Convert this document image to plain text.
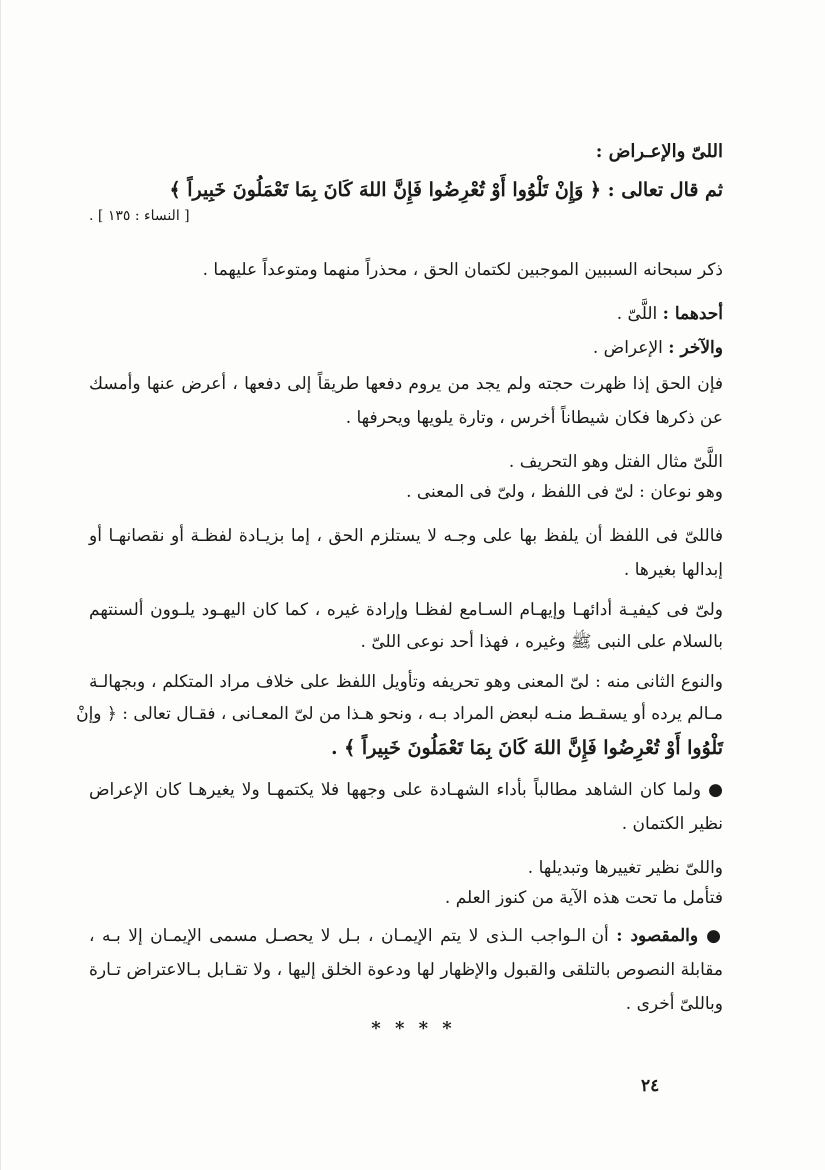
اللىّ والإعـراض :
ثم قال تعالى : ﴿ وَإِنْ تَلْوُوا أَوْ تُعْرِضُوا فَإِنَّ اللهَ كَانَ بِمَا تَعْمَلُونَ خَبِيراً ﴾
[ النساء : ١٣٥ ] .
ذكر سبحانه السببين الموجبين لكتمان الحق ، محذراً منهما ومتوعداً عليهما .
أحدهما : اللَّىّ .
والآخر : الإعراض .
فإن الحق إذا ظهرت حجته ولم يجد من يروم دفعها طريقاً إلى دفعها ، أعرض عنها وأمسك
عن ذكرها فكان شيطاناً أخرس ، وتارة يلويها ويحرفها .
اللَّىّ مثال الفتل وهو التحريف .
وهو نوعان : لىّ فى اللفظ ، ولىّ فى المعنى .
فاللىّ فى اللفظ أن يلفظ بها على وجـه لا يستلزم الحق ، إما بزيـادة لفظـة أو نقصانهـا أو
إبدالها بغيرها .
ولىّ فى كيفيـة أدائهـا وإيهـام السـامع لفظـا وإرادة غيره ، كما كان اليهـود يلـوون ألسنتهم
بالسلام على النبى ﷺ وغيره ، فهذا أحد نوعى اللىّ .
والنوع الثانى منه : لىّ المعنى وهو تحريفه وتأويل اللفظ على خلاف مراد المتكلم ، وبجهالـة
مـالم يرده أو يسقـط منـه لبعض المراد بـه ، ونحو هـذا من لىّ المعـانى ، فقـال تعالى : ﴿ وإنْ
تَلْوُوا أَوْ تُعْرِضُوا فَإِنَّ اللهَ كَانَ بِمَا تَعْمَلُونَ خَبِيراً ﴾ .
● ولما كان الشاهد مطالباً بأداء الشهـادة على وجهها فلا يكتمهـا ولا يغيرهـا كان الإعراض
نظير الكتمان .
واللىّ نظير تغييرها وتبديلها .
فتأمل ما تحت هذه الآية من كنوز العلم .
● والمقصود : أن الـواجب الـذى لا يتم الإيمـان ، بـل لا يحصـل مسمى الإيمـان إلا بـه ،
مقابلة النصوص بالتلقى والقبول والإظهار لها ودعوة الخلق إليها ، ولا تقـابل بـالاعتراض تـارة
وباللىّ أخرى .
* * * *
٢٤
